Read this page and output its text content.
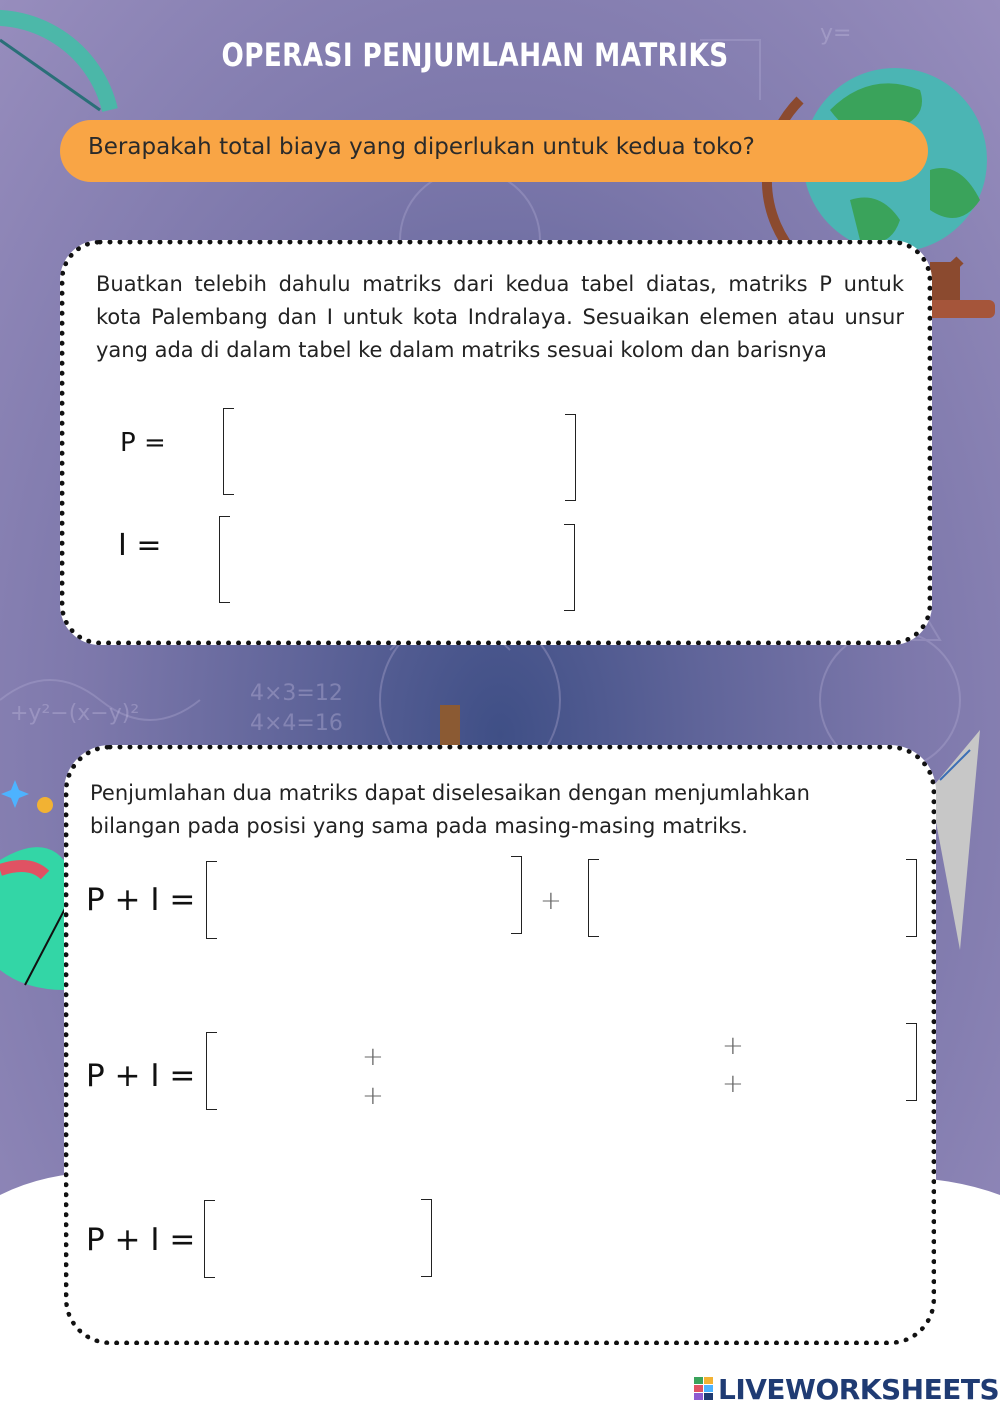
4×3=12
4×4=16
+y²−(x−y)²
y=
OPERASI PENJUMLAHAN MATRIKS
Berapakah total biaya yang diperlukan untuk kedua toko?
Buatkan telebih dahulu matriks dari kedua tabel diatas, matriks P untuk kota Palembang dan I untuk kota Indralaya. Sesuaikan elemen atau unsur yang ada di dalam tabel ke dalam matriks sesuai kolom dan barisnya
P =
I =
Penjumlahan dua matriks dapat diselesaikan dengan menjumlahkan bilangan pada posisi yang sama pada masing-masing matriks.
P + I =	+
P + I =
+
+
+
+
P + I =
LIVEWORKSHEETS
